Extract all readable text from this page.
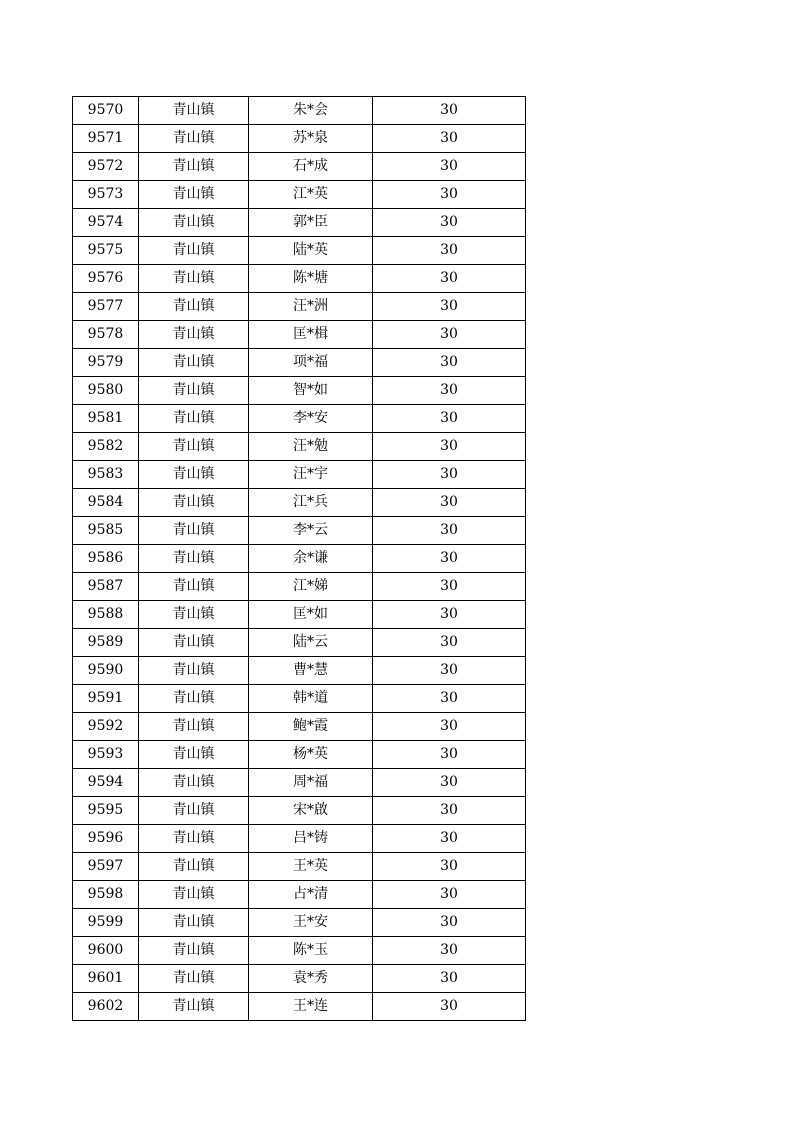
9570	青山镇	朱*会	30
9571	青山镇	苏*泉	30
9572	青山镇	石*成	30
9573	青山镇	江*英	30
9574	青山镇	郭*臣	30
9575	青山镇	陆*英	30
9576	青山镇	陈*塘	30
9577	青山镇	汪*洲	30
9578	青山镇	匡*楫	30
9579	青山镇	项*福	30
9580	青山镇	智*如	30
9581	青山镇	李*安	30
9582	青山镇	汪*勉	30
9583	青山镇	汪*宇	30
9584	青山镇	江*兵	30
9585	青山镇	李*云	30
9586	青山镇	余*谦	30
9587	青山镇	江*娣	30
9588	青山镇	匡*如	30
9589	青山镇	陆*云	30
9590	青山镇	曹*慧	30
9591	青山镇	韩*道	30
9592	青山镇	鲍*霞	30
9593	青山镇	杨*英	30
9594	青山镇	周*福	30
9595	青山镇	宋*啟	30
9596	青山镇	吕*铸	30
9597	青山镇	王*英	30
9598	青山镇	占*清	30
9599	青山镇	王*安	30
9600	青山镇	陈*玉	30
9601	青山镇	袁*秀	30
9602	青山镇	王*连	30
